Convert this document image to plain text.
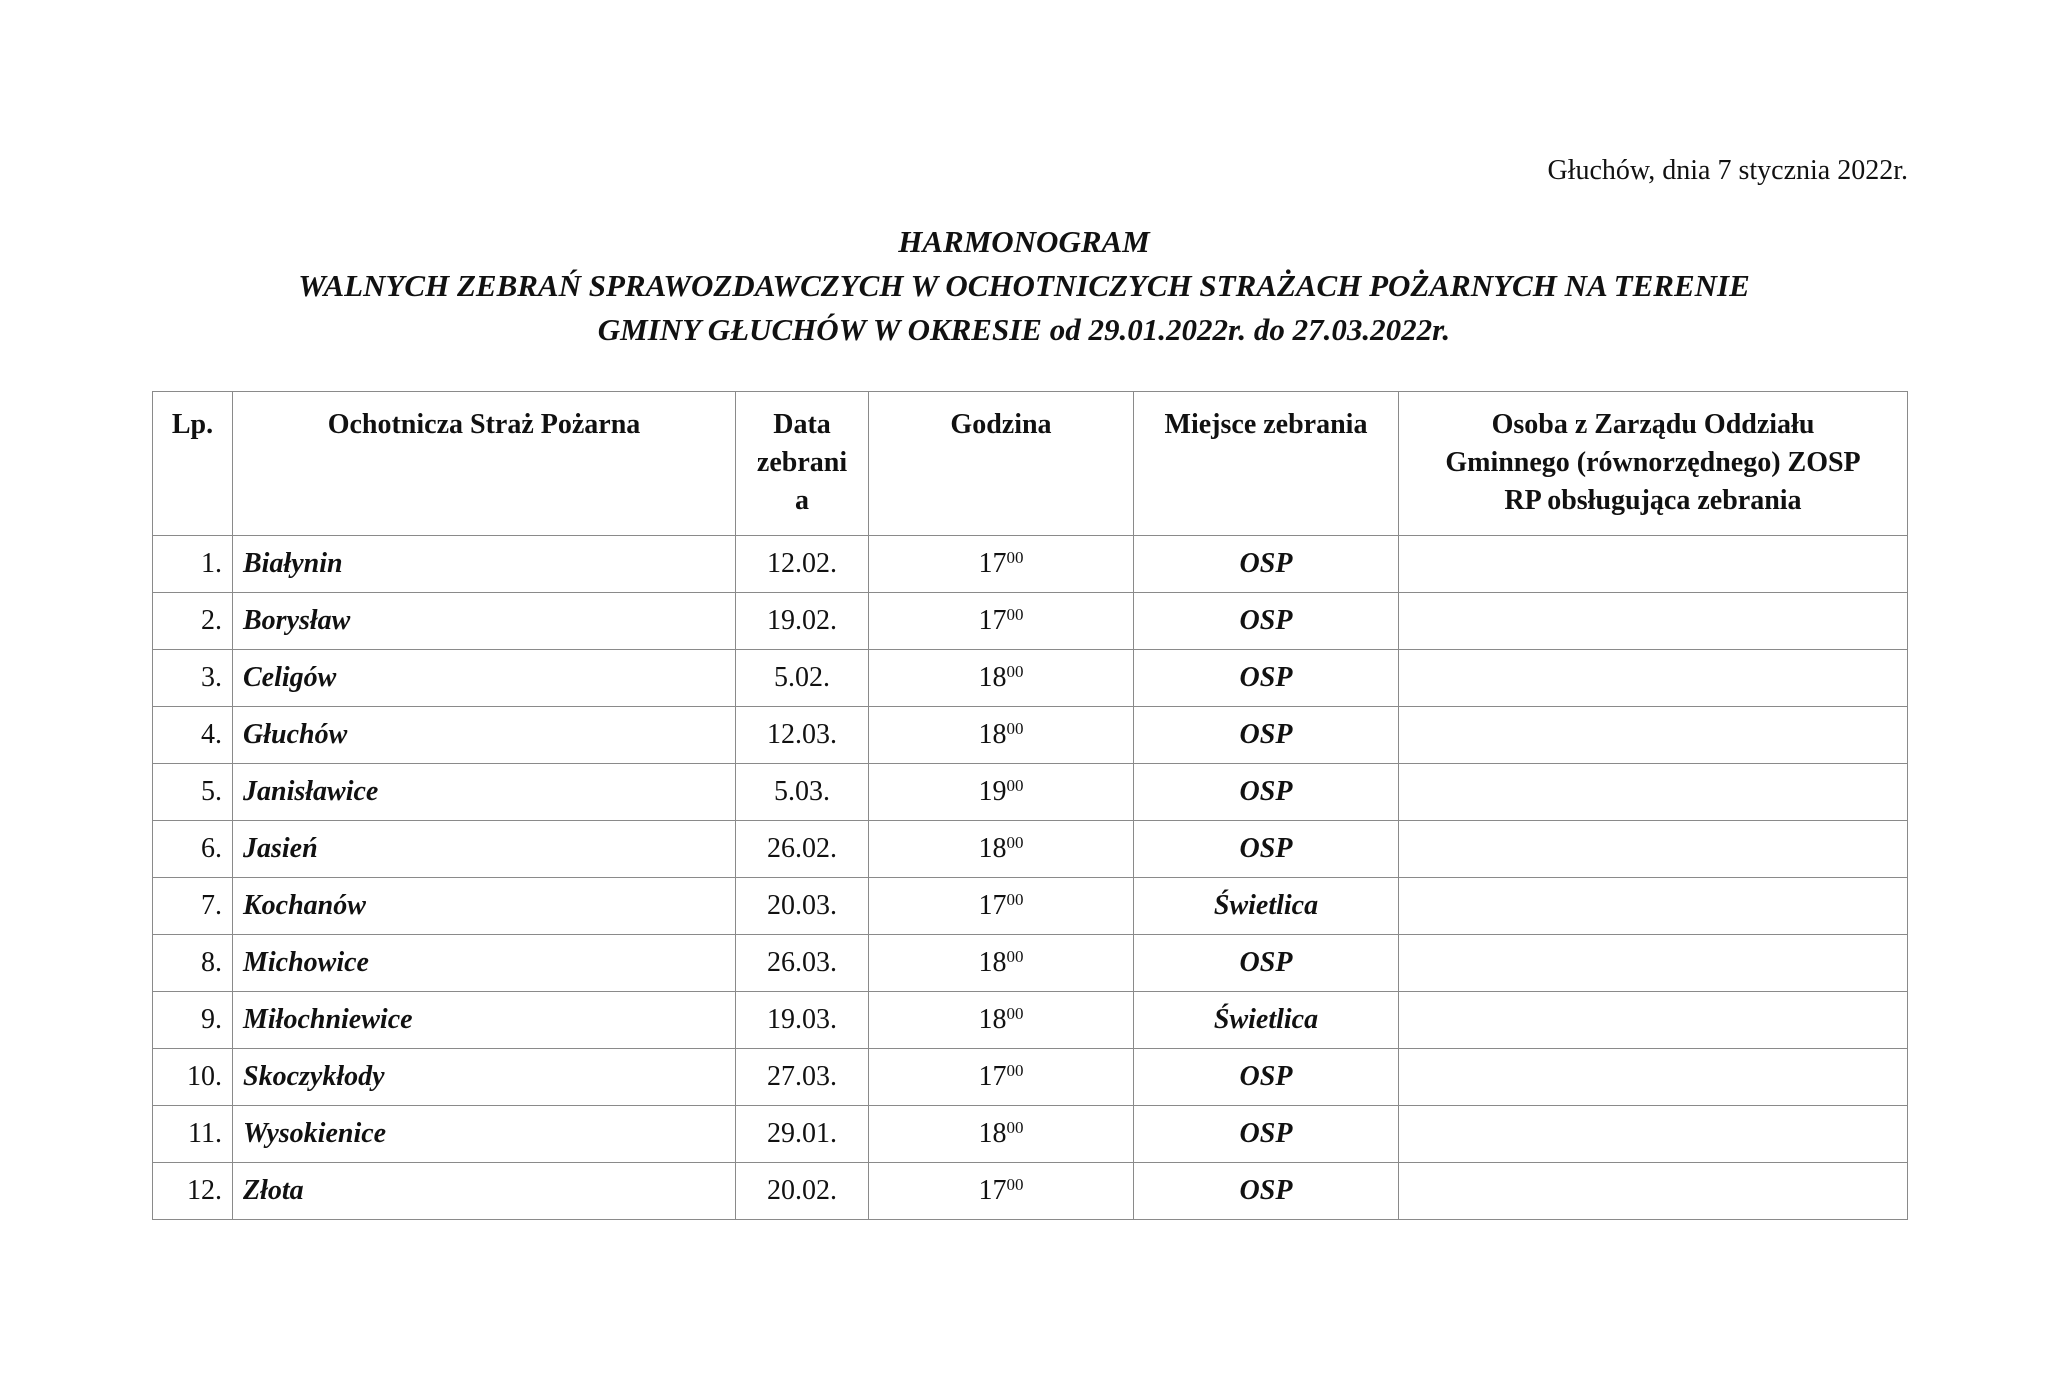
Głuchów, dnia 7 stycznia 2022r.

HARMONOGRAM
WALNYCH ZEBRAŃ SPRAWOZDAWCZYCH W OCHOTNICZYCH STRAŻACH POŻARNYCH NA TERENIE
GMINY GŁUCHÓW W OKRESIE od 29.01.2022r. do 27.03.2022r.
Lp.	Ochotnicza Straż Pożarna	Data
zebrani
a	Godzina	Miejsce zebrania	Osoba z Zarządu Oddziału
Gminnego (równorzędnego) ZOSP
RP obsługująca zebrania
1.	Białynin	12.02.	$17^{00}$	OSP	
2.	Borysław	19.02.	$17^{00}$	OSP	
3.	Celigów	5.02.	$18^{00}$	OSP	
4.	Głuchów	12.03.	$18^{00}$	OSP	
5.	Janisławice	5.03.	$19^{00}$	OSP	
6.	Jasień	26.02.	$18^{00}$	OSP	
7.	Kochanów	20.03.	$17^{00}$	Świetlica	
8.	Michowice	26.03.	$18^{00}$	OSP	
9.	Miłochniewice	19.03.	$18^{00}$	Świetlica	
10.	Skoczykłody	27.03.	$17^{00}$	OSP	
11.	Wysokienice	29.01.	$18^{00}$	OSP	
12.	Złota	20.02.	$17^{00}$	OSP	
